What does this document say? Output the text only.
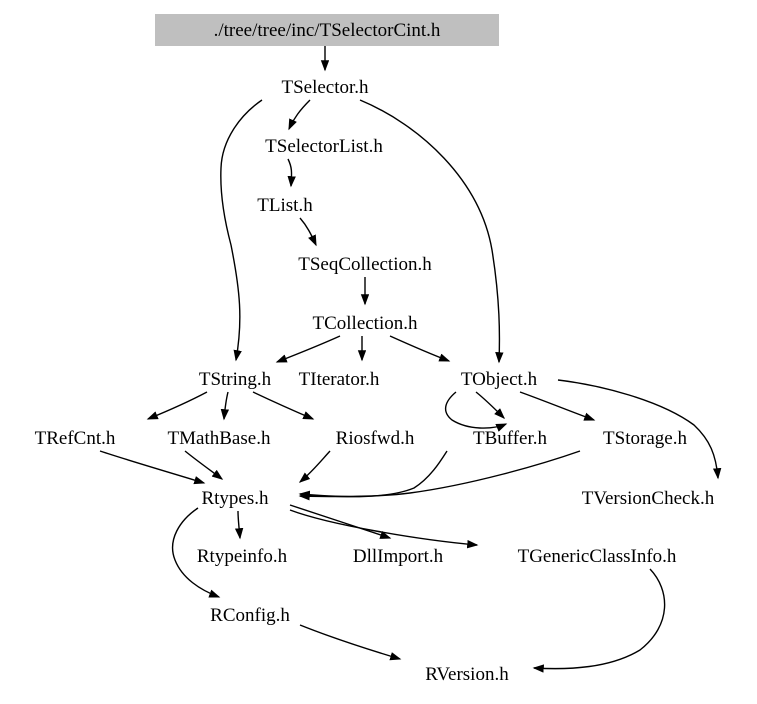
./tree/tree/inc/TSelectorCint.h
TSelector.h
TSelectorList.h
TList.h
TSeqCollection.h
TCollection.h
TString.h	TIterator.h	TObject.h
TRefCnt.h	TMathBase.h	Riosfwd.h	TBuffer.h	TStorage.h
Rtypes.h	TVersionCheck.h
Rtypeinfo.h	DllImport.h	TGenericClassInfo.h
RConfig.h
RVersion.h
